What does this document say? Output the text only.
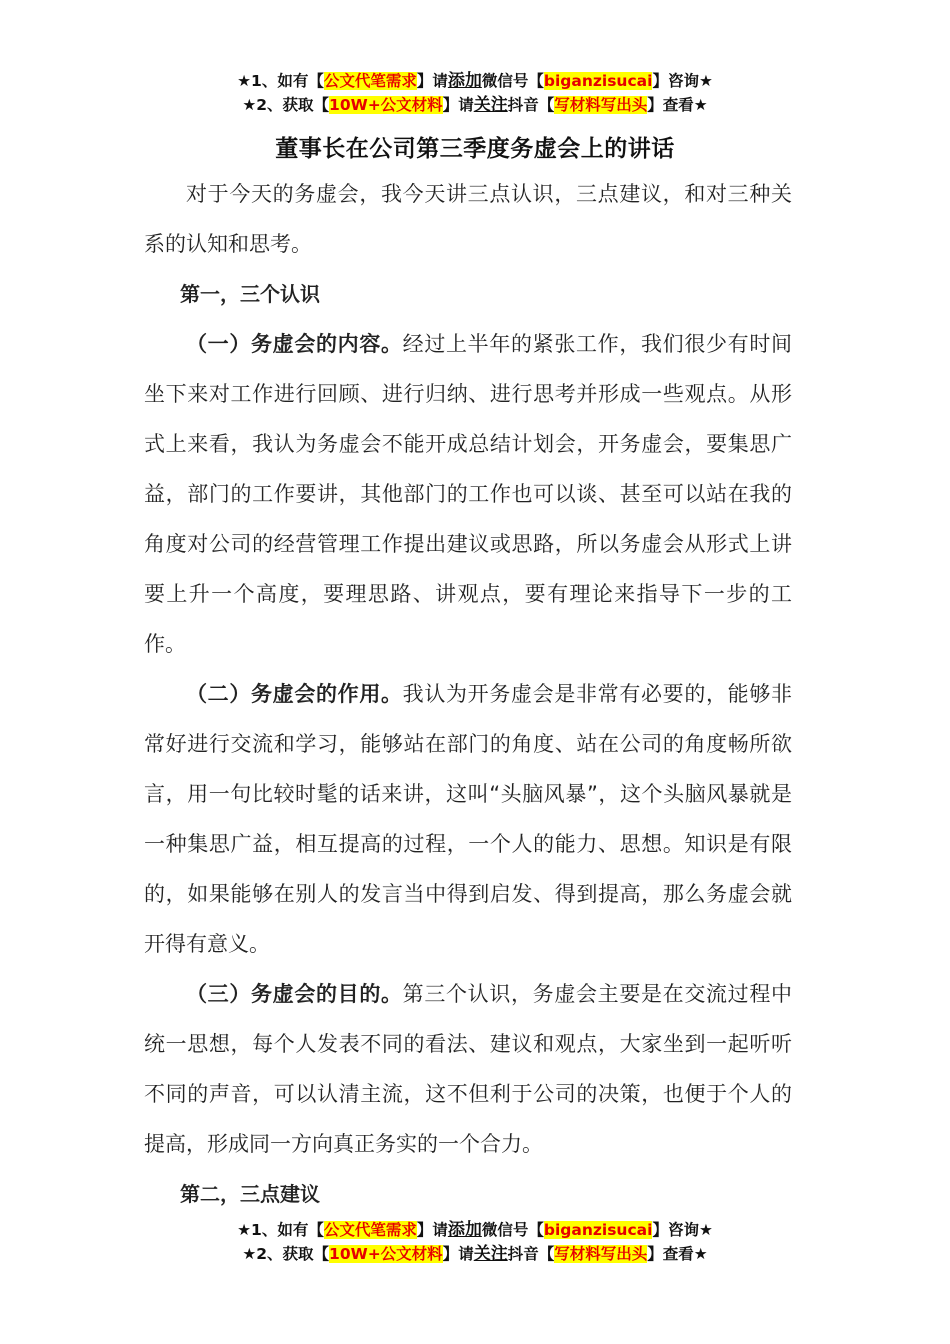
★1、如有【公文代笔需求】请添加微信号【biganzisucai】咨询★
★2、获取【10W+公文材料】请关注抖音【写材料写出头】查看★
董事长在公司第三季度务虚会上的讲话

对于今天的务虚会，我今天讲三点认识，三点建议，和对三种关系的认知和思考。

第一，三个认识

（一）务虚会的内容。经过上半年的紧张工作，我们很少有时间坐下来对工作进行回顾、进行归纳、进行思考并形成一些观点。从形式上来看，我认为务虚会不能开成总结计划会，开务虚会，要集思广益，部门的工作要讲，其他部门的工作也可以谈、甚至可以站在我的角度对公司的经营管理工作提出建议或思路，所以务虚会从形式上讲要上升一个高度，要理思路、讲观点，要有理论来指导下一步的工作。

（二）务虚会的作用。我认为开务虚会是非常有必要的，能够非常好进行交流和学习，能够站在部门的角度、站在公司的角度畅所欲言，用一句比较时髦的话来讲，这叫“头脑风暴”，这个头脑风暴就是一种集思广益，相互提高的过程，一个人的能力、思想。知识是有限的，如果能够在别人的发言当中得到启发、得到提高，那么务虚会就开得有意义。

（三）务虚会的目的。第三个认识，务虚会主要是在交流过程中统一思想，每个人发表不同的看法、建议和观点，大家坐到一起听听不同的声音，可以认清主流，这不但利于公司的决策，也便于个人的提高，形成同一方向真正务实的一个合力。

第二，三点建议

★1、如有【公文代笔需求】请添加微信号【biganzisucai】咨询★
★2、获取【10W+公文材料】请关注抖音【写材料写出头】查看★
